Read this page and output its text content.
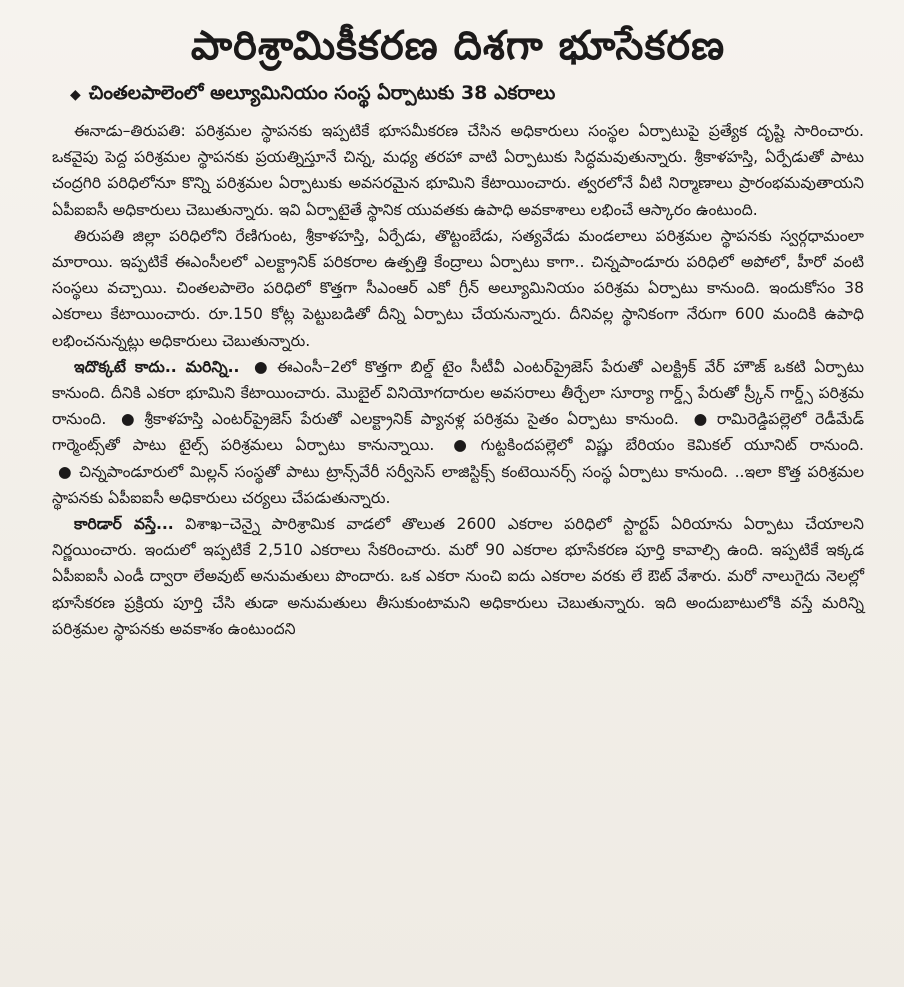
పారిశ్రామికీకరణ దిశగా భూసేకరణ
◆ చింతలపాలెంలో అల్యూమినియం సంస్థ ఏర్పాటుకు 38 ఎకరాలు

ఈనాడు–తిరుపతి: పరిశ్రమల స్థాపనకు ఇప్పటికే భూసమీకరణ చేసిన అధికారులు సంస్థల ఏర్పాటుపై ప్రత్యేక దృష్టి సారించారు. ఒకవైపు పెద్ద పరిశ్రమల స్థాపనకు ప్రయత్నిస్తూనే చిన్న, మధ్య తరహా వాటి ఏర్పాటుకు సిద్ధమవుతున్నారు. శ్రీకాళహస్తి, ఏర్పేడుతో పాటు చంద్రగిరి పరిధిలోనూ కొన్ని పరిశ్రమల ఏర్పాటుకు అవసరమైన భూమిని కేటాయించారు. త్వరలోనే వీటి నిర్మాణాలు ప్రారంభమవుతాయని ఏపీఐఐసీ అధికారులు చెబుతున్నారు. ఇవి ఏర్పాటైతే స్థానిక యువతకు ఉపాధి అవకాశాలు లభించే ఆస్కారం ఉంటుంది.

తిరుపతి జిల్లా పరిధిలోని రేణిగుంట, శ్రీకాళహస్తి, ఏర్పేడు, తొట్టంబేడు, సత్యవేడు మండలాలు పరిశ్రమల స్థాపనకు స్వర్గధామంలా మారాయి. ఇప్పటికే ఈఎంసీలలో ఎలక్ట్రానిక్ పరికరాల ఉత్పత్తి కేంద్రాలు ఏర్పాటు కాగా.. చిన్నపాండూరు పరిధిలో అపోలో, హీరో వంటి సంస్థలు వచ్చాయి. చింతలపాలెం పరిధిలో కొత్తగా సీఎంఆర్ ఎకో గ్రీన్ అల్యూమినియం పరిశ్రమ ఏర్పాటు కానుంది. ఇందుకోసం 38 ఎకరాలు కేటాయించారు. రూ.150 కోట్ల పెట్టుబడితో దీన్ని ఏర్పాటు చేయనున్నారు. దీనివల్ల స్థానికంగా నేరుగా 600 మందికి ఉపాధి లభించనున్నట్లు అధికారులు చెబుతున్నారు.

ఇదొక్కటే కాదు.. మరిన్ని.. ● ఈఎంసీ–2లో కొత్తగా బిల్డ్ టైం సీటీవీ ఎంటర్‌ప్రైజెస్ పేరుతో ఎలక్ట్రిక్ వేర్ హౌజ్ ఒకటి ఏర్పాటు కానుంది. దీనికి ఎకరా భూమిని కేటాయించారు. మొబైల్ వినియోగదారుల అవసరాలు తీర్చేలా సూర్యా గార్డ్స్ పేరుతో స్ర్కీన్ గార్డ్స్ పరిశ్రమ రానుంది. ● శ్రీకాళహస్తి ఎంటర్‌ప్రైజెస్ పేరుతో ఎలక్ట్రానిక్ ప్యానళ్ల పరిశ్రమ సైతం ఏర్పాటు కానుంది. ● రామిరెడ్డిపల్లెలో రెడీమేడ్ గార్మెంట్స్‌తో పాటు టైల్స్ పరిశ్రమలు ఏర్పాటు కానున్నాయి. ● గుట్టకిందపల్లెలో విష్ణు బేరియం కెమికల్ యూనిట్ రానుంది. ● చిన్నపాండూరులో మిల్లన్ సంస్థతో పాటు ట్రాన్స్‌వేరీ సర్వీసెస్ లాజిస్టిక్స్ కంటెయినర్స్ సంస్థ ఏర్పాటు కానుంది. ..ఇలా కొత్త పరిశ్రమల స్థాపనకు ఏపీఐఐసీ అధికారులు చర్యలు చేపడుతున్నారు.

కారిడార్ వస్తే... విశాఖ–చెన్నై పారిశ్రామిక వాడలో తొలుత 2600 ఎకరాల పరిధిలో స్టార్టప్ ఏరియాను ఏర్పాటు చేయాలని నిర్ణయించారు. ఇందులో ఇప్పటికే 2,510 ఎకరాలు సేకరించారు. మరో 90 ఎకరాల భూసేకరణ పూర్తి కావాల్సి ఉంది. ఇప్పటికే ఇక్కడ ఏపీఐఐసీ ఎండీ ద్వారా లేఅవుట్ అనుమతులు పొందారు. ఒక ఎకరా నుంచి ఐదు ఎకరాల వరకు లే ఔట్ వేశారు. మరో నాలుగైదు నెలల్లో భూసేకరణ ప్రక్రియ పూర్తి చేసి తుడా అనుమతులు తీసుకుంటామని అధికారులు చెబుతున్నారు. ఇది అందుబాటులోకి వస్తే మరిన్ని పరిశ్రమల స్థాపనకు అవకాశం ఉంటుందని
